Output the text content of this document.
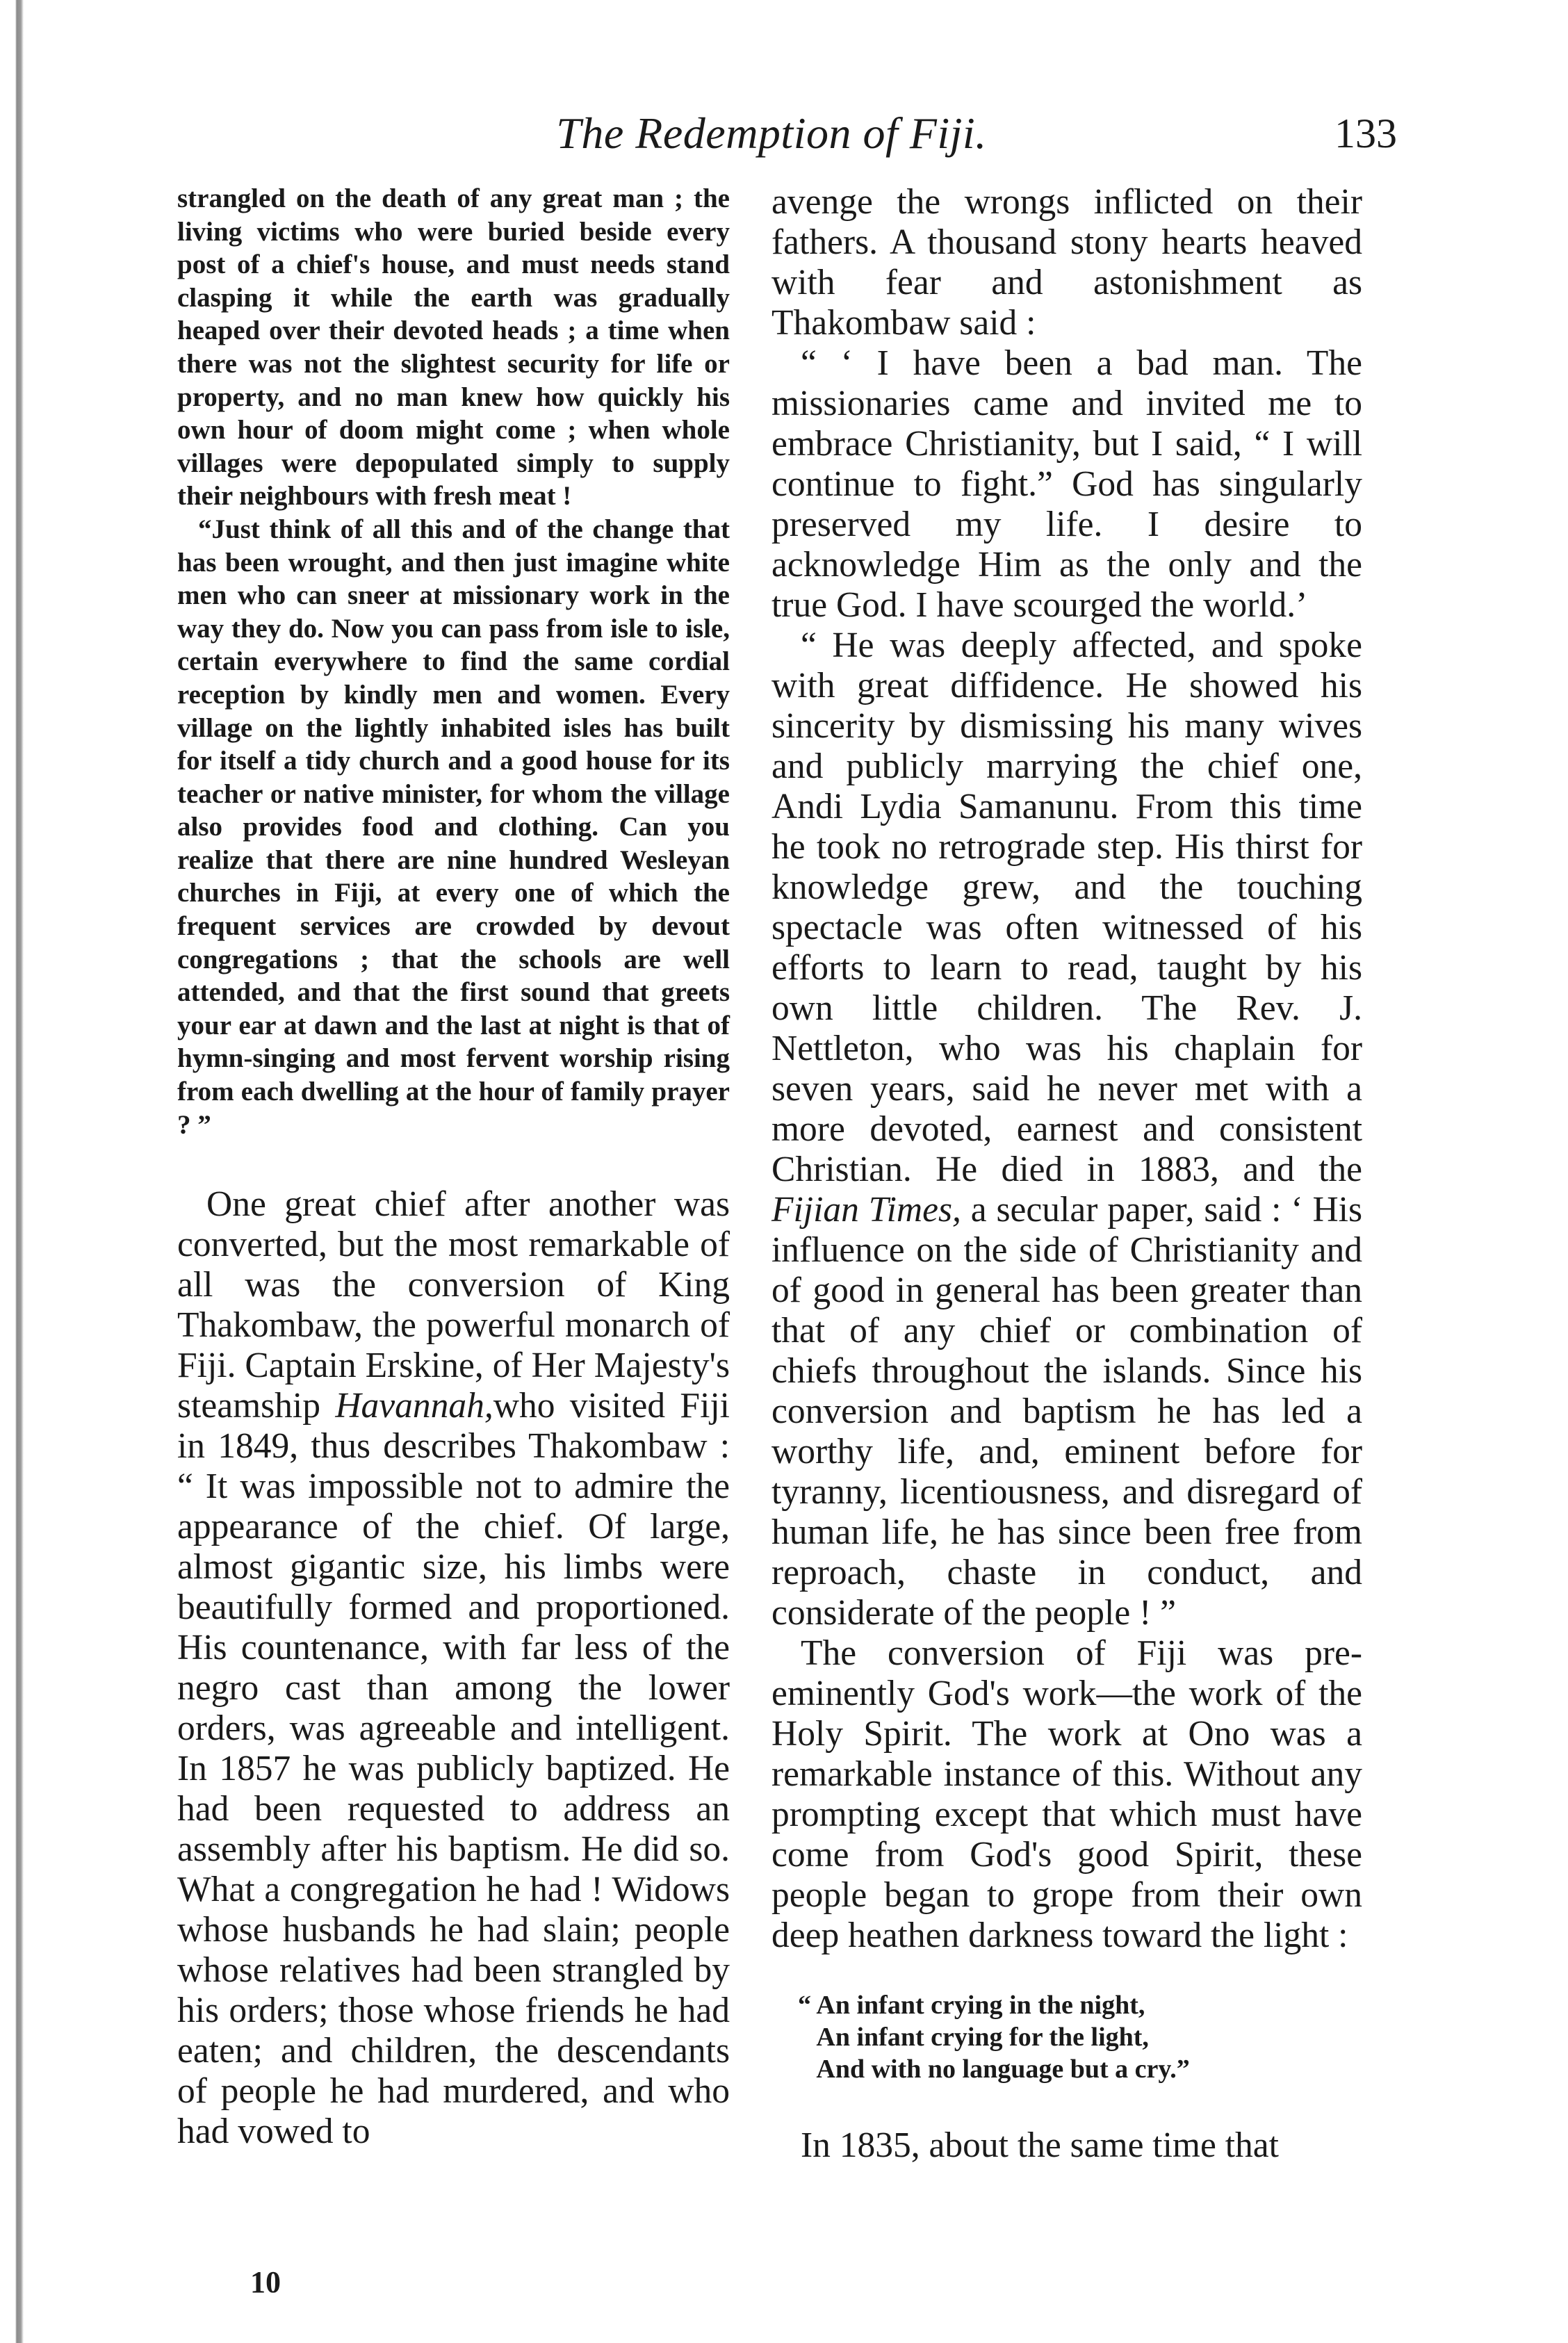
The Redemption of Fiji.	133

strangled on the death of any great man ; the living victims who were buried beside every post of a chief's house, and must needs stand clasping it while the earth was gradually heaped over their devoted heads ; a time when there was not the slightest security for life or property, and no man knew how quickly his own hour of doom might come ; when whole villages were depopulated simply to supply their neighbours with fresh meat !

“Just think of all this and of the change that has been wrought, and then just imagine white men who can sneer at missionary work in the way they do. Now you can pass from isle to isle, certain everywhere to find the same cordial reception by kindly men and women. Every village on the lightly inhabited isles has built for itself a tidy church and a good house for its teacher or native minister, for whom the village also provides food and clothing. Can you realize that there are nine hundred Wesleyan churches in Fiji, at every one of which the frequent services are crowded by devout congregations ; that the schools are well attended, and that the first sound that greets your ear at dawn and the last at night is that of hymn-singing and most fervent worship rising from each dwelling at the hour of family prayer ? ”

One great chief after another was converted, but the most remarkable of all was the conversion of King Thakombaw, the powerful monarch of Fiji. Captain Erskine, of Her Majesty's steamship Havannah,who visited Fiji in 1849, thus describes Thakombaw : “ It was impossible not to admire the appearance of the chief. Of large, almost gigantic size, his limbs were beautifully formed and proportioned. His countenance, with far less of the negro cast than among the lower orders, was agreeable and intelligent. In 1857 he was publicly baptized. He had been requested to address an assembly after his baptism. He did so. What a congregation he had ! Widows whose husbands he had slain; people whose relatives had been strangled by his orders; those whose friends he had eaten; and children, the descendants of people he had murdered, and who had vowed to

avenge the wrongs inflicted on their fathers. A thousand stony hearts heaved with fear and astonishment as Thakombaw said :

“ ‘ I have been a bad man. The missionaries came and invited me to embrace Christianity, but I said, “ I will continue to fight.” God has singularly preserved my life. I desire to acknowledge Him as the only and the true God. I have scourged the world.’

“ He was deeply affected, and spoke with great diffidence. He showed his sincerity by dismissing his many wives and publicly marrying the chief one, Andi Lydia Samanunu. From this time he took no retrograde step. His thirst for knowledge grew, and the touching spectacle was often witnessed of his efforts to learn to read, taught by his own little children. The Rev. J. Nettleton, who was his chaplain for seven years, said he never met with a more devoted, earnest and consistent Christian. He died in 1883, and the Fijian Times, a secular paper, said : ‘ His influence on the side of Christianity and of good in general has been greater than that of any chief or combination of chiefs throughout the islands. Since his conversion and baptism he has led a worthy life, and, eminent before for tyranny, licentiousness, and disregard of human life, he has since been free from reproach, chaste in conduct, and considerate of the people ! ”

The conversion of Fiji was pre-eminently God's work—the work of the Holy Spirit. The work at Ono was a remarkable instance of this. Without any prompting except that which must have come from God's good Spirit, these people began to grope from their own deep heathen darkness toward the light :

“ An infant crying in the night,
An infant crying for the light,
And with no language but a cry.”

In 1835, about the same time that

10
